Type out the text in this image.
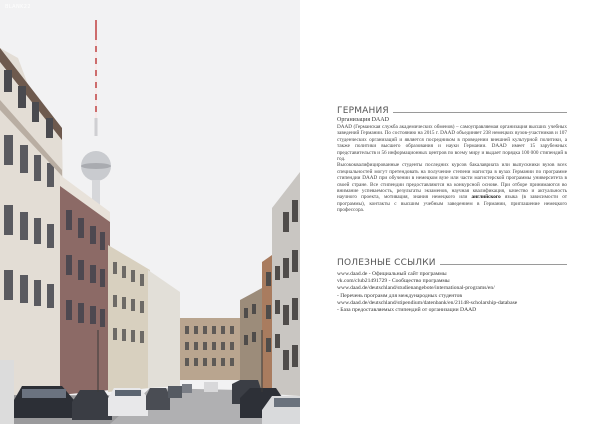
BLANK22
ГЕРМАНИЯ
Организация DAAD

DAAD (Германская служба академических обменов) – самоуправляемая организация высших учебных заведений Германии. По состоянию на 2015 г. DAAD объединяет 238 немецких вузов-участников и 107 студенческих организаций и является посредником в проведении внешней культурной политики, а также политики высшего образования и науки Германии. DAAD имеет 15 зарубежных представительств и 56 информационных центров по всему миру и выдает порядка 100 000 стипендий в год.

Высококвалифицированные студенты последних курсов бакалавриата или выпускники вузов всех специальностей могут претендовать на получение степени магистра в вузах Германии по программе стипендии DAAD при обучении в немецком вузе или части магистерской программы университета в своей стране. Все стипендии предоставляются на конкурсной основе. При отборе принимаются во внимание успеваемость, результаты экзаменов, научная квалификация, качество и актуальность научного проекта, мотивация, знания немецкого или английского языка (в зависимости от программы), контакты с высшим учебным заведением в Германии, приглашение немецкого профессора.

ПОЛЕЗНЫЕ ССЫЛКИ
www.daad.de - Официальный сайт программы
vk.com/club21491729 - Сообщество программы
www.daad.de/deutschland/studienangebote/international-programs/en/
- Перечень программ для международных студентов
www.daad.de/deutschland/stipendium/datenbank/en/21148-scholarship-database
- База предоставляемых стипендий от организации DAAD
